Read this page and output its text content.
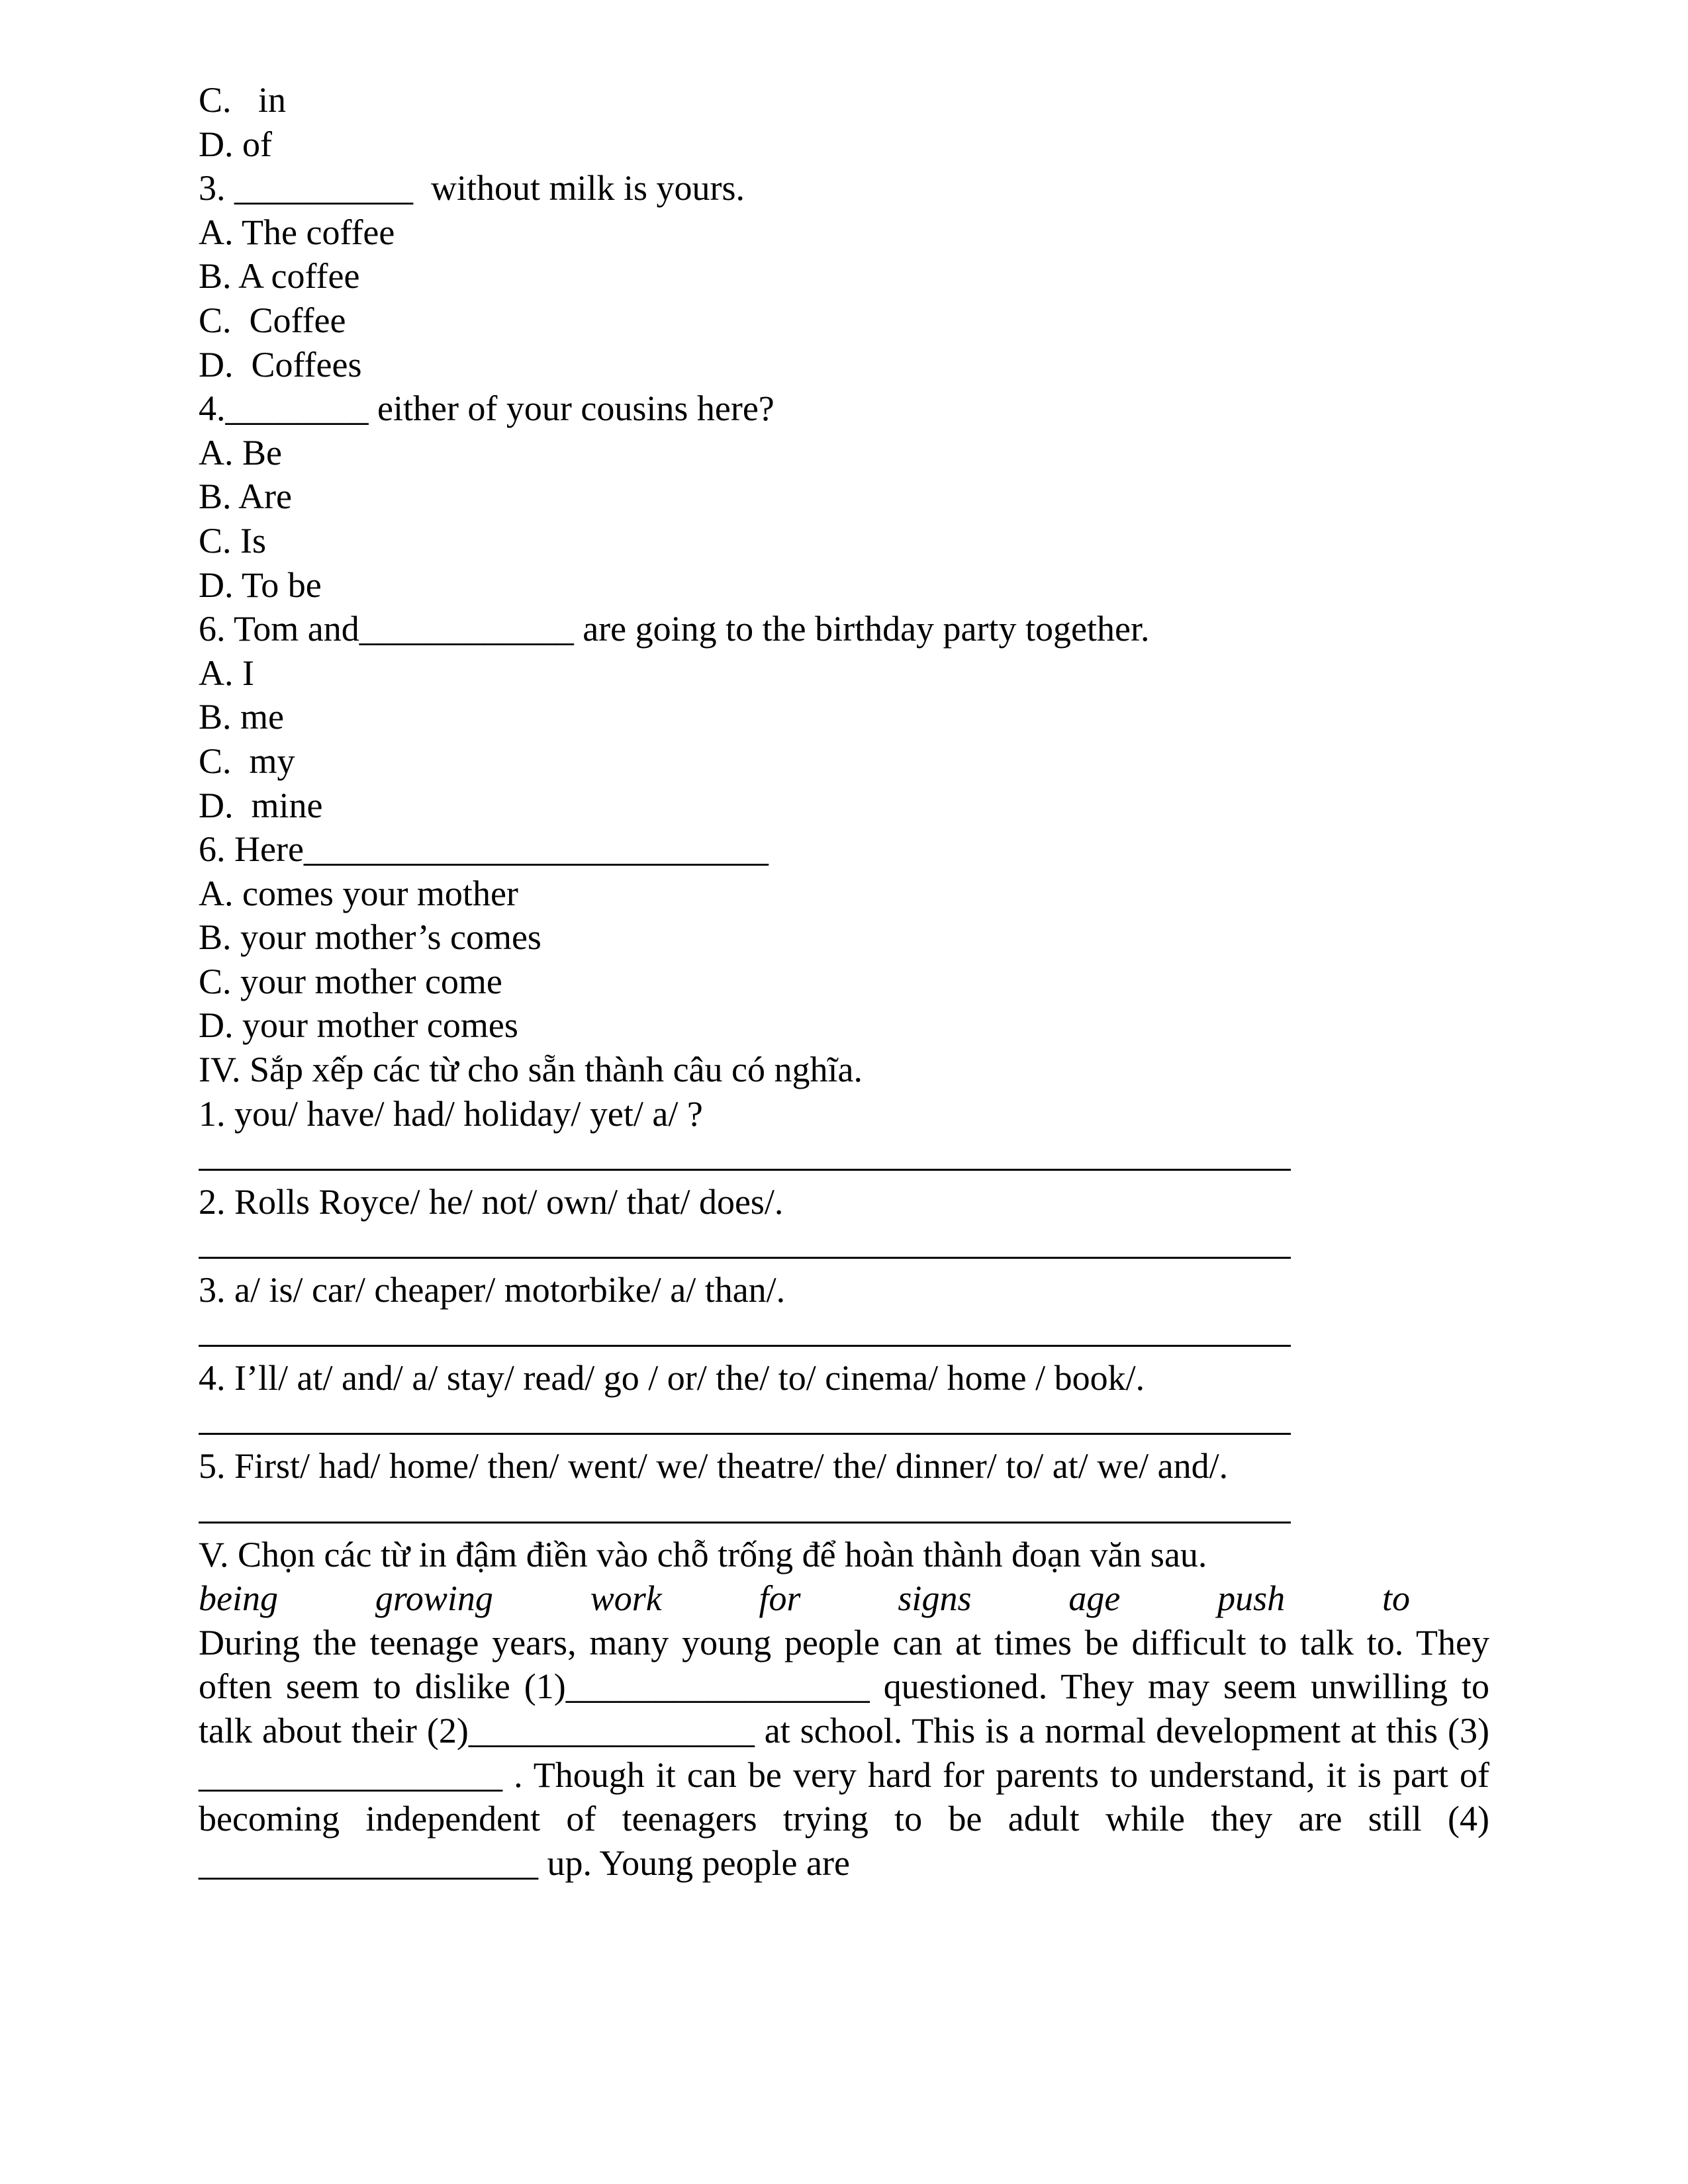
C.   in
D. of
3. __________  without milk is yours.
A. The coffee
B. A coffee
C.  Coffee
D.  Coffees
4.________ either of your cousins here?
A. Be
B. Are
C. Is
D. To be
6. Tom and____________ are going to the birthday party together.
A. I
B. me
C.  my
D.  mine
6. Here__________________________
A. comes your mother
B. your mother’s comes
C. your mother come
D. your mother comes
IV. Sắp xếp các từ cho sẵn thành câu có nghĩa.
1. you/ have/ had/ holiday/ yet/ a/ ?
2. Rolls Royce/ he/ not/ own/ that/ does/.
3. a/ is/ car/ cheaper/ motorbike/ a/ than/.
4. I’ll/ at/ and/ a/ stay/ read/ go / or/ the/ to/ cinema/ home / book/.
5. First/ had/ home/ then/ went/ we/ theatre/ the/ dinner/ to/ at/ we/ and/.
V. Chọn các từ in đậm điền vào chỗ trống để hoàn thành đoạn văn sau.
being	growing	work	for	signs	age	push	to
During the teenage years, many young people can at times be difficult to talk to. They often seem to dislike (1)_________________ questioned. They may seem unwilling to talk about their (2)________________ at school. This is a normal development at this (3) _________________ . Though it can be very hard for parents to understand, it is part of becoming independent of teenagers trying to be adult while they are still (4) ___________________ up. Young people are
